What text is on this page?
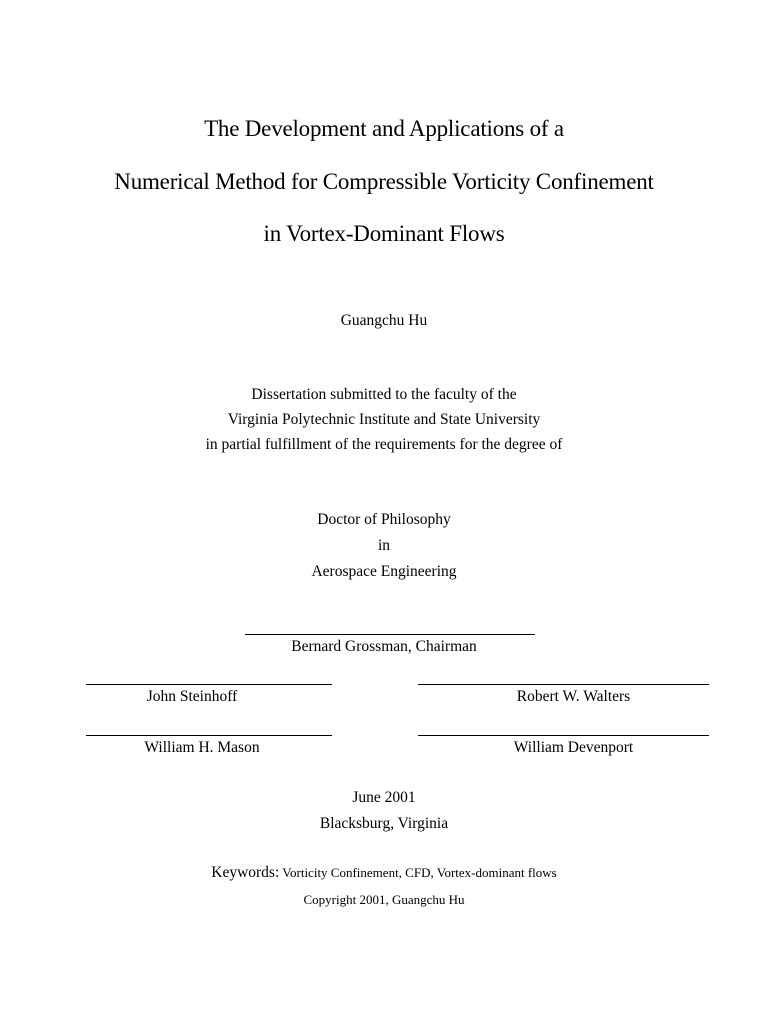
The Development and Applications of a
Numerical Method for Compressible Vorticity Confinement
in Vortex-Dominant Flows
Guangchu Hu
Dissertation submitted to the faculty of the
Virginia Polytechnic Institute and State University
in partial fulfillment of the requirements for the degree of
Doctor of Philosophy
in
Aerospace Engineering
Bernard Grossman, Chairman
John Steinhoff	Robert W. Walters
William H. Mason	William Devenport
June 2001
Blacksburg, Virginia
Keywords: Vorticity Confinement, CFD, Vortex-dominant flows
Copyright 2001, Guangchu Hu
